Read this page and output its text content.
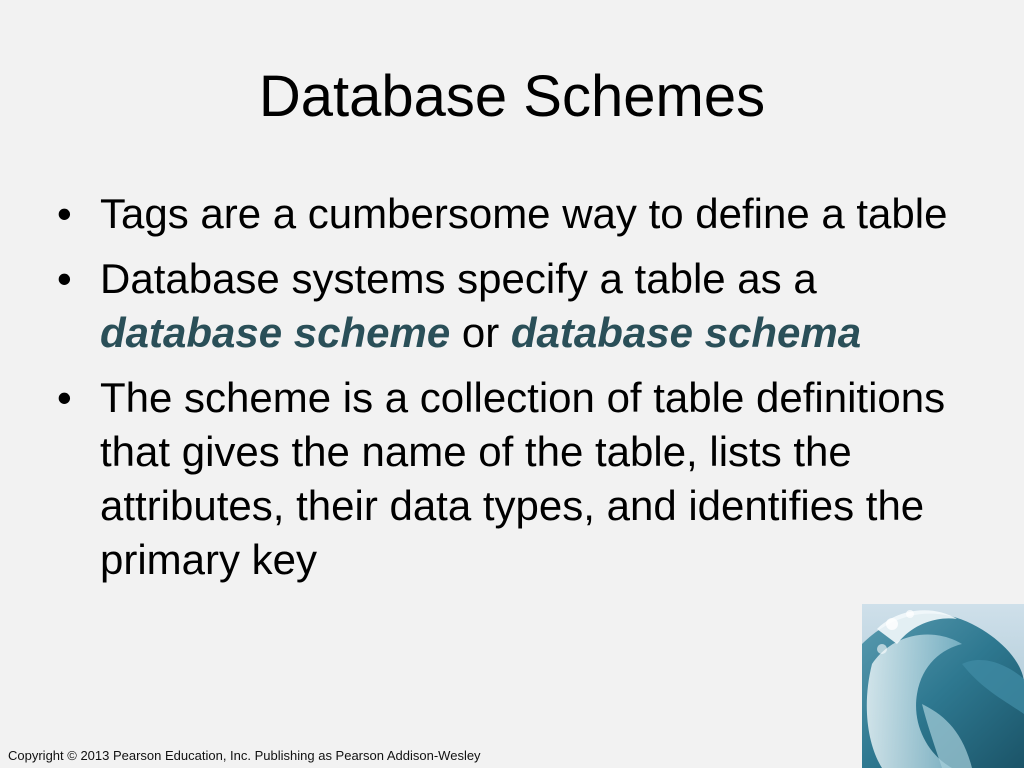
Database Schemes
• Tags are a cumbersome way to define a table
• Database systems specify a table as a database scheme or database schema
• The scheme is a collection of table definitions that gives the name of the table, lists the attributes, their data types, and identifies the primary key
Copyright © 2013 Pearson Education, Inc. Publishing as Pearson Addison-Wesley
